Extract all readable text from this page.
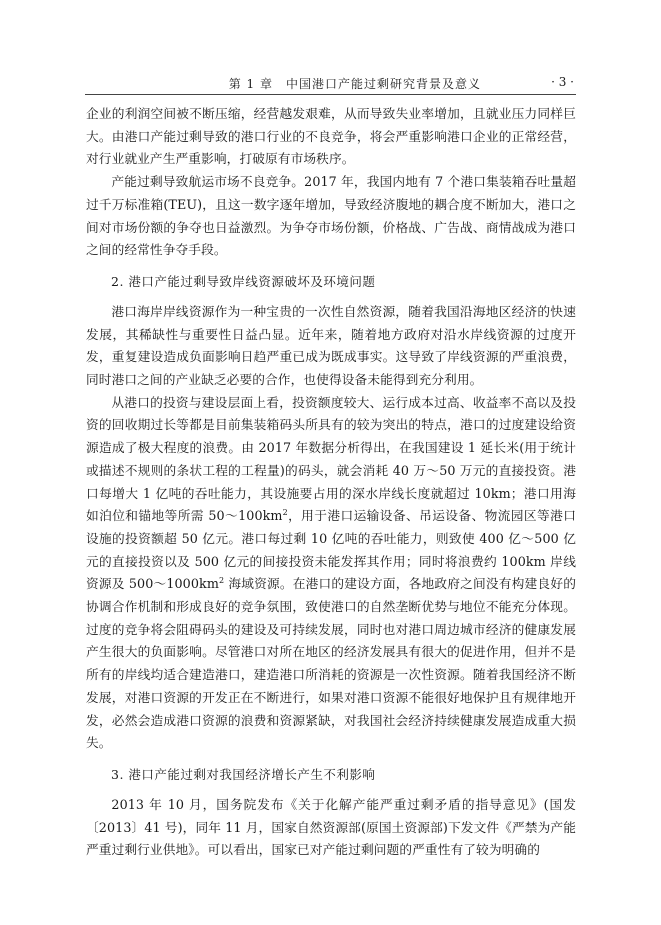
第 1 章　中国港口产能过剩研究背景及意义	· 3 ·

企业的利润空间被不断压缩，经营越发艰难，从而导致失业率增加，且就业压力同样巨大。由港口产能过剩导致的港口行业的不良竞争，将会严重影响港口企业的正常经营，对行业就业产生严重影响，打破原有市场秩序。

产能过剩导致航运市场不良竞争。2017 年，我国内地有 7 个港口集装箱吞吐量超过千万标准箱(TEU)，且这一数字逐年增加，导致经济腹地的耦合度不断加大，港口之间对市场份额的争夺也日益激烈。为争夺市场份额，价格战、广告战、商情战成为港口之间的经常性争夺手段。

2. 港口产能过剩导致岸线资源破坏及环境问题

港口海岸岸线资源作为一种宝贵的一次性自然资源，随着我国沿海地区经济的快速发展，其稀缺性与重要性日益凸显。近年来，随着地方政府对沿水岸线资源的过度开发，重复建设造成负面影响日趋严重已成为既成事实。这导致了岸线资源的严重浪费，同时港口之间的产业缺乏必要的合作，也使得设备未能得到充分利用。

从港口的投资与建设层面上看，投资额度较大、运行成本过高、收益率不高以及投资的回收期过长等都是目前集装箱码头所具有的较为突出的特点，港口的过度建设给资源造成了极大程度的浪费。由 2017 年数据分析得出，在我国建设 1 延长米(用于统计或描述不规则的条状工程的工程量)的码头，就会消耗 40 万～50 万元的直接投资。港口每增大 1 亿吨的吞吐能力，其设施要占用的深水岸线长度就超过 10km；港口用海如泊位和锚地等所需 $50\sim 100km^2$，用于港口运输设备、吊运设备、物流园区等港口设施的投资额超 50 亿元。港口每过剩 10 亿吨的吞吐能力，则致使 400 亿～500 亿元的直接投资以及 500 亿元的间接投资未能发挥其作用；同时将浪费约 100km 岸线资源及 $500\sim 1000km^2$ 海域资源。在港口的建设方面，各地政府之间没有构建良好的协调合作机制和形成良好的竞争氛围，致使港口的自然垄断优势与地位不能充分体现。过度的竞争将会阻碍码头的建设及可持续发展，同时也对港口周边城市经济的健康发展产生很大的负面影响。尽管港口对所在地区的经济发展具有很大的促进作用，但并不是所有的岸线均适合建造港口，建造港口所消耗的资源是一次性资源。随着我国经济不断发展，对港口资源的开发正在不断进行，如果对港口资源不能很好地保护且有规律地开发，必然会造成港口资源的浪费和资源紧缺，对我国社会经济持续健康发展造成重大损失。

3. 港口产能过剩对我国经济增长产生不利影响

2013 年 10 月，国务院发布《关于化解产能严重过剩矛盾的指导意见》(国发〔2013〕41 号)，同年 11 月，国家自然资源部(原国土资源部)下发文件《严禁为产能严重过剩行业供地》。可以看出，国家已对产能过剩问题的严重性有了较为明确的
